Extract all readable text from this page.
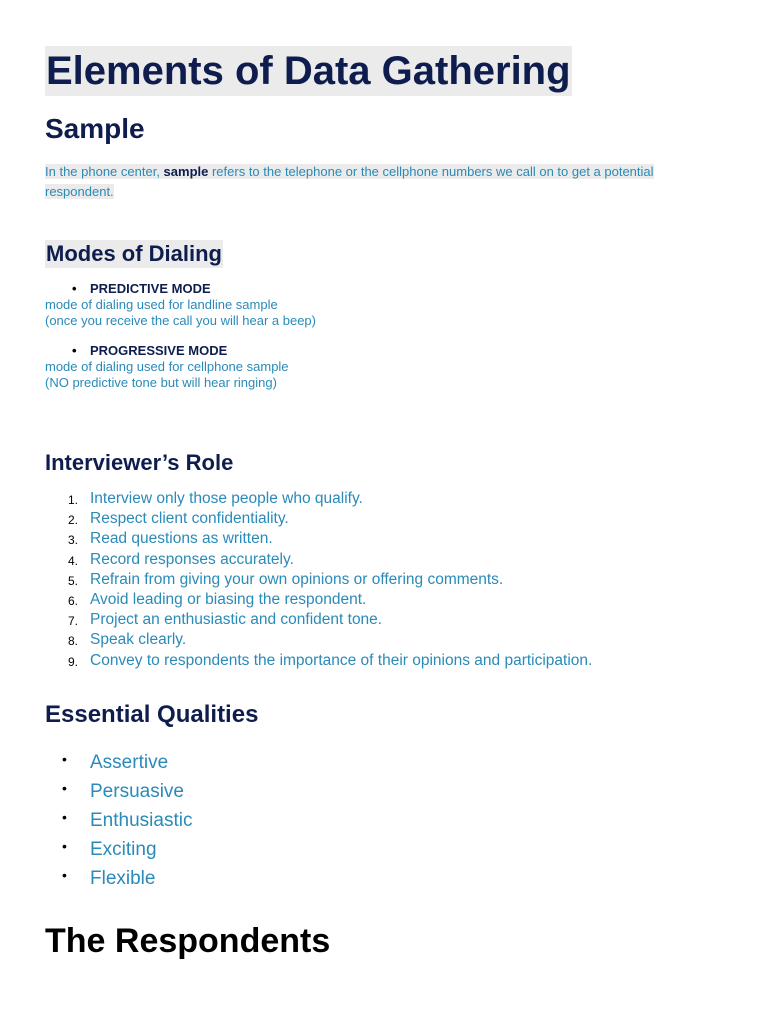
Elements of Data Gathering
Sample

In the phone center, sample refers to the telephone or the cellphone numbers we call on to get a potential respondent.

Modes of Dialing
• PREDICTIVE MODE
mode of dialing used for landline sample
(once you receive the call you will hear a beep)
• PROGRESSIVE MODE
mode of dialing used for cellphone sample
(NO predictive tone but will hear ringing)
Interviewer’s Role
1. Interview only those people who qualify.
2. Respect client confidentiality.
3. Read questions as written.
4. Record responses accurately.
5. Refrain from giving your own opinions or offering comments.
6. Avoid leading or biasing the respondent.
7. Project an enthusiastic and confident tone.
8. Speak clearly.
9. Convey to respondents the importance of their opinions and participation.
Essential Qualities
• Assertive
• Persuasive
• Enthusiastic
• Exciting
• Flexible
The Respondents
